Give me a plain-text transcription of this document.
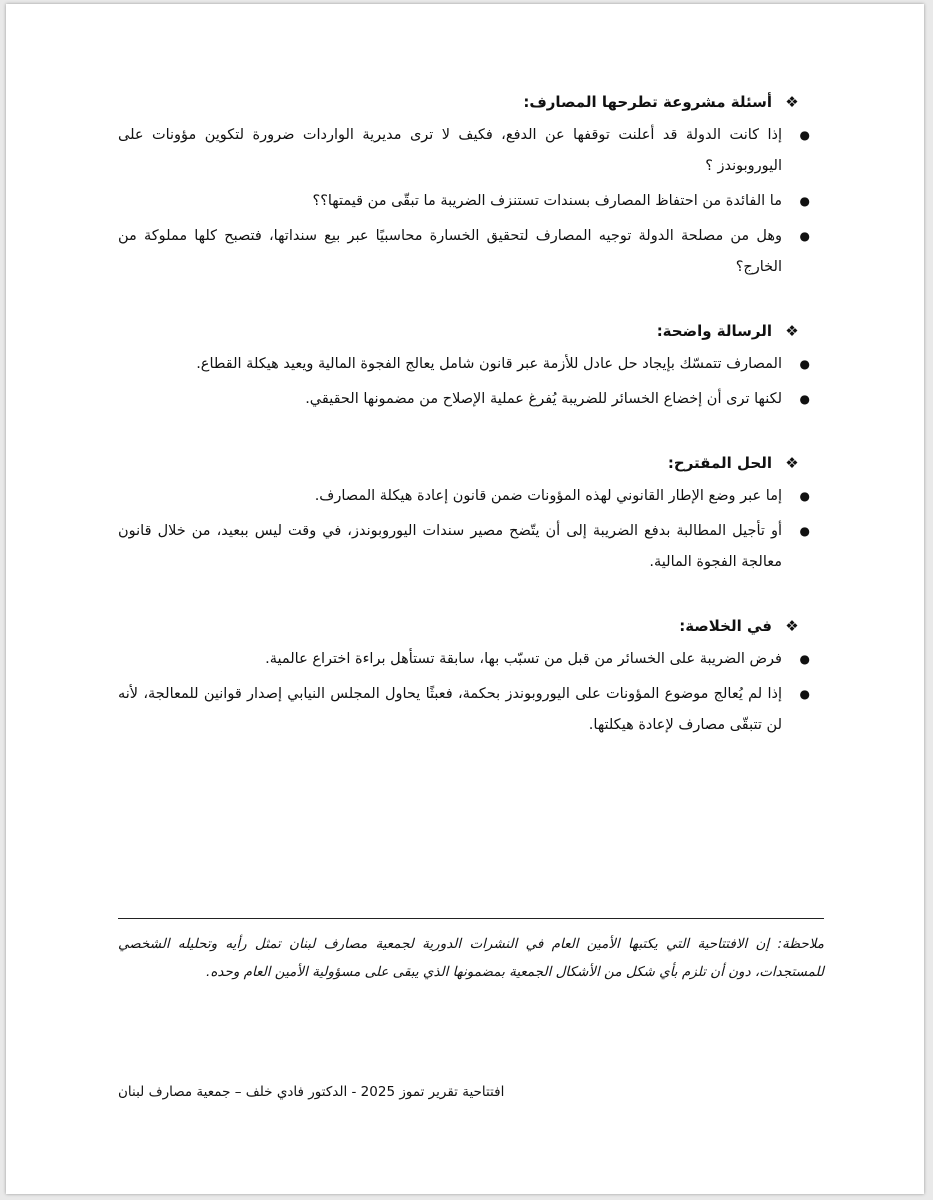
❖
أسئلة مشروعة تطرحها المصارف:
●
إذا كانت الدولة قد أعلنت توقفها عن الدفع، فكيف لا ترى مديرية الواردات ضرورة لتكوين مؤونات على اليوروبوندز ؟
●
ما الفائدة من احتفاظ المصارف بسندات تستنزف الضريبة ما تبقّى من قيمتها؟؟
●
وهل من مصلحة الدولة توجيه المصارف لتحقيق الخسارة محاسبيًا عبر بيع سنداتها، فتصبح كلها مملوكة من الخارج؟
❖
الرسالة واضحة:
●
المصارف تتمسّك بإيجاد حل عادل للأزمة عبر قانون شامل يعالج الفجوة المالية ويعيد هيكلة القطاع.
●
لكنها ترى أن إخضاع الخسائر للضريبة يُفرغ عملية الإصلاح من مضمونها الحقيقي.
❖
الحل المقترح:
●
إما عبر وضع الإطار القانوني لهذه المؤونات ضمن قانون إعادة هيكلة المصارف.
●
أو تأجيل المطالبة بدفع الضريبة إلى أن يتّضح مصير سندات اليوروبوندز، في وقت ليس ببعيد، من خلال قانون معالجة الفجوة المالية.
❖
في الخلاصة:
●
فرض الضريبة على الخسائر من قبل من تسبّب بها، سابقة تستأهل براءة اختراع عالمية.
●
إذا لم يُعالج موضوع المؤونات على اليوروبوندز بحكمة، فعبثًا يحاول المجلس النيابي إصدار قوانين للمعالجة، لأنه لن تتبقّى مصارف لإعادة هيكلتها.
ملاحظة: إن الافتتاحية التي يكتبها الأمين العام في النشرات الدورية لجمعية مصارف لبنان تمثل رأيه وتحليله الشخصي للمستجدات، دون أن تلزم بأي شكل من الأشكال الجمعية بمضمونها الذي يبقى على مسؤولية الأمين العام وحده.
افتتاحية تقرير تموز 2025 - الدكتور فادي خلف – جمعية مصارف لبنان
